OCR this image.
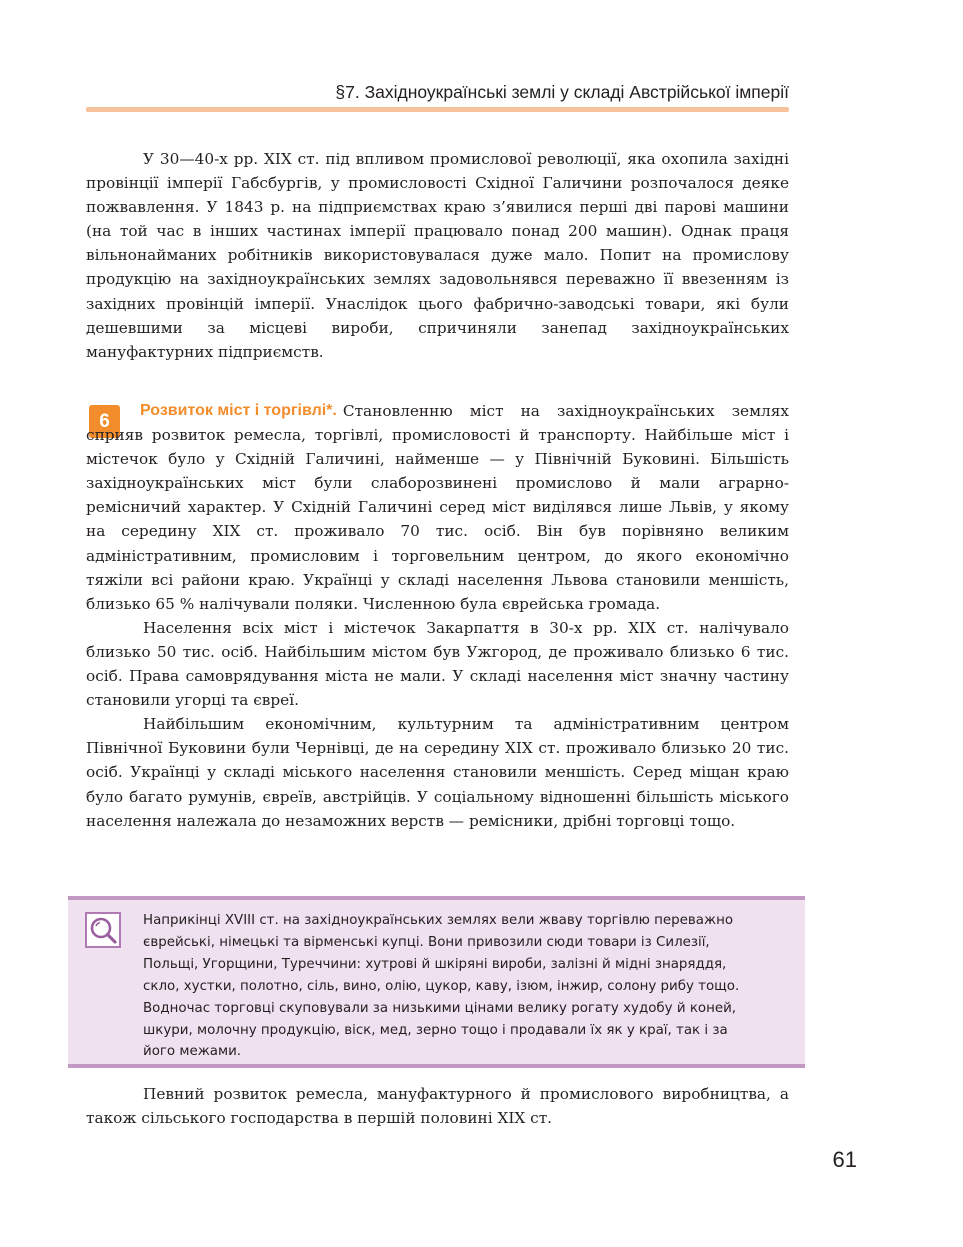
§7. Західноукраїнські землі у складі Австрійської імперії

У 30—40-х рр. XIX ст. під впливом промислової революції, яка охопила західні провінції імперії Габсбургів, у промисловості Східної Галичини розпочалося деяке пожвавлення. У 1843 р. на підприємствах краю з’явилися перші дві парові машини (на той час в інших частинах імперії працювало понад 200 машин). Однак праця вільнонайманих робітників використовувалася дуже мало. Попит на промислову продукцію на західноукраїнських землях задовольнявся переважно її ввезенням із західних провінцій імперії. Унаслідок цього фабрично-заводські товари, які були дешевшими за місцеві вироби, спричиняли занепад західноукраїнських мануфактурних підприємств.

6	Розвиток міст і торгівлі*. Становленню міст на західноукраїнських землях сприяв розвиток ремесла, торгівлі, промисловості й транспорту. Найбільше міст і містечок було у Східній Галичині, найменше — у Північній Буковині. Більшість західноукраїнських міст були слаборозвинені промислово й мали аграрно-ремісничий характер. У Східній Галичині серед міст виділявся лише Львів, у якому на середину XIX ст. проживало 70 тис. осіб. Він був порівняно великим адміністративним, промисловим і торговельним центром, до якого економічно тяжіли всі райони краю. Українці у складі населення Львова становили меншість, близько 65 % налічували поляки. Численною була єврейська громада.

Населення всіх міст і містечок Закарпаття в 30-х рр. XIX ст. налічувало близько 50 тис. осіб. Найбільшим містом був Ужгород, де проживало близько 6 тис. осіб. Права самоврядування міста не мали. У складі населення міст значну частину становили угорці та євреї.

Найбільшим економічним, культурним та адміністративним центром Північної Буковини були Чернівці, де на середину XIX ст. проживало близько 20 тис. осіб. Українці у складі міського населення становили меншість. Серед міщан краю було багато румунів, євреїв, австрійців. У соціальному відношенні більшість міського населення належала до незаможних верств — ремісники, дрібні торговці тощо.

Наприкінці XVIII ст. на західноукраїнських землях вели жваву торгівлю переважно
єврейські, німецькі та вірменські купці. Вони привозили сюди товари із Силезії,
Польщі, Угорщини, Туреччини: хутрові й шкіряні вироби, залізні й мідні знаряддя,
скло, хустки, полотно, сіль, вино, олію, цукор, каву, ізюм, інжир, солону рибу тощо.
Водночас торговці скуповували за низькими цінами велику рогату худобу й коней,
шкури, молочну продукцію, віск, мед, зерно тощо і продавали їх як у краї, так і за
його межами.

Певний розвиток ремесла, мануфактурного й промислового виробництва, а також сільського господарства в першій половині XIX ст.

61
